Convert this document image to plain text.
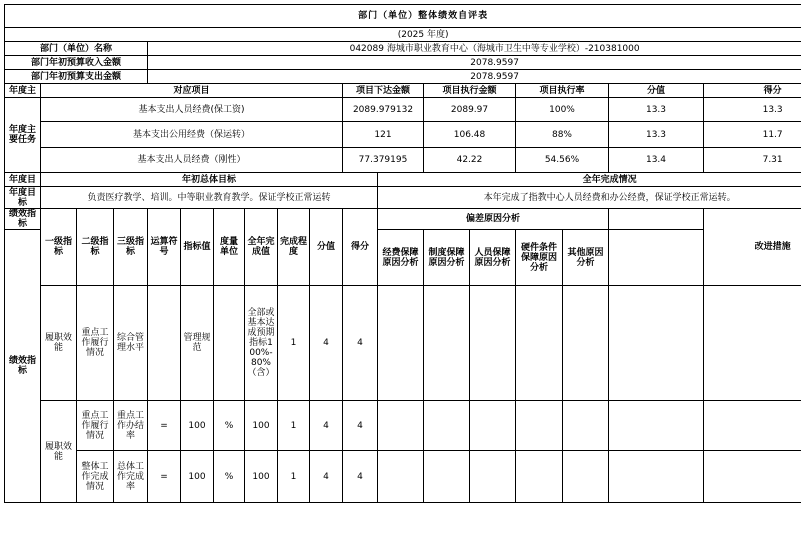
部门（单位）整体绩效自评表																	
(2025 年度)																	
部门（单位）名称				042089 海城市职业教育中心（海城市卫生中等专业学校）-210381000													
部门年初预算收入金额				2078.9597													
部门年初预算支出金额				2078.9597													
年度主	对应项目									项目下达金额		项目执行金额		项目执行率		分值	得分
年度主要任务	基本支出人员经费(保工资)									2089.979132		2089.97		100%		13.3	13.3
	基本支出公用经费（保运转）									121		106.48		88%		13.3	11.7
	基本支出人员经费（刚性）									77.379195		42.22		54.56%		13.4	7.31
年度目	年初总体目标										全年完成情况						
年度目标	负责医疗教学、培训。中等职业教育教学。保证学校正常运转										本年完成了指教中心人员经费和办公经费，保证学校正常运转。						
绩效指标	一级指标	二级指标	三级指标	运算符号	指标值	度量单位	全年完成值	完成程度	分值	得分	偏差原因分析						改进措施
绩效指标											经费保障原因分析	制度保障原因分析	人员保障原因分析	硬件条件保障原因分析	其他原因分析		

	履职效能	重点工作履行情况	综合管理水平		管理规范		全部或基本达成预期指标100%-80%（含）	1	4	4							
	履职效能	重点工作履行情况	重点工作办结率	=	100	%	100	1	4	4							
		整体工作完成情况	总体工作完成率	=	100	%	100	1	4	4							
